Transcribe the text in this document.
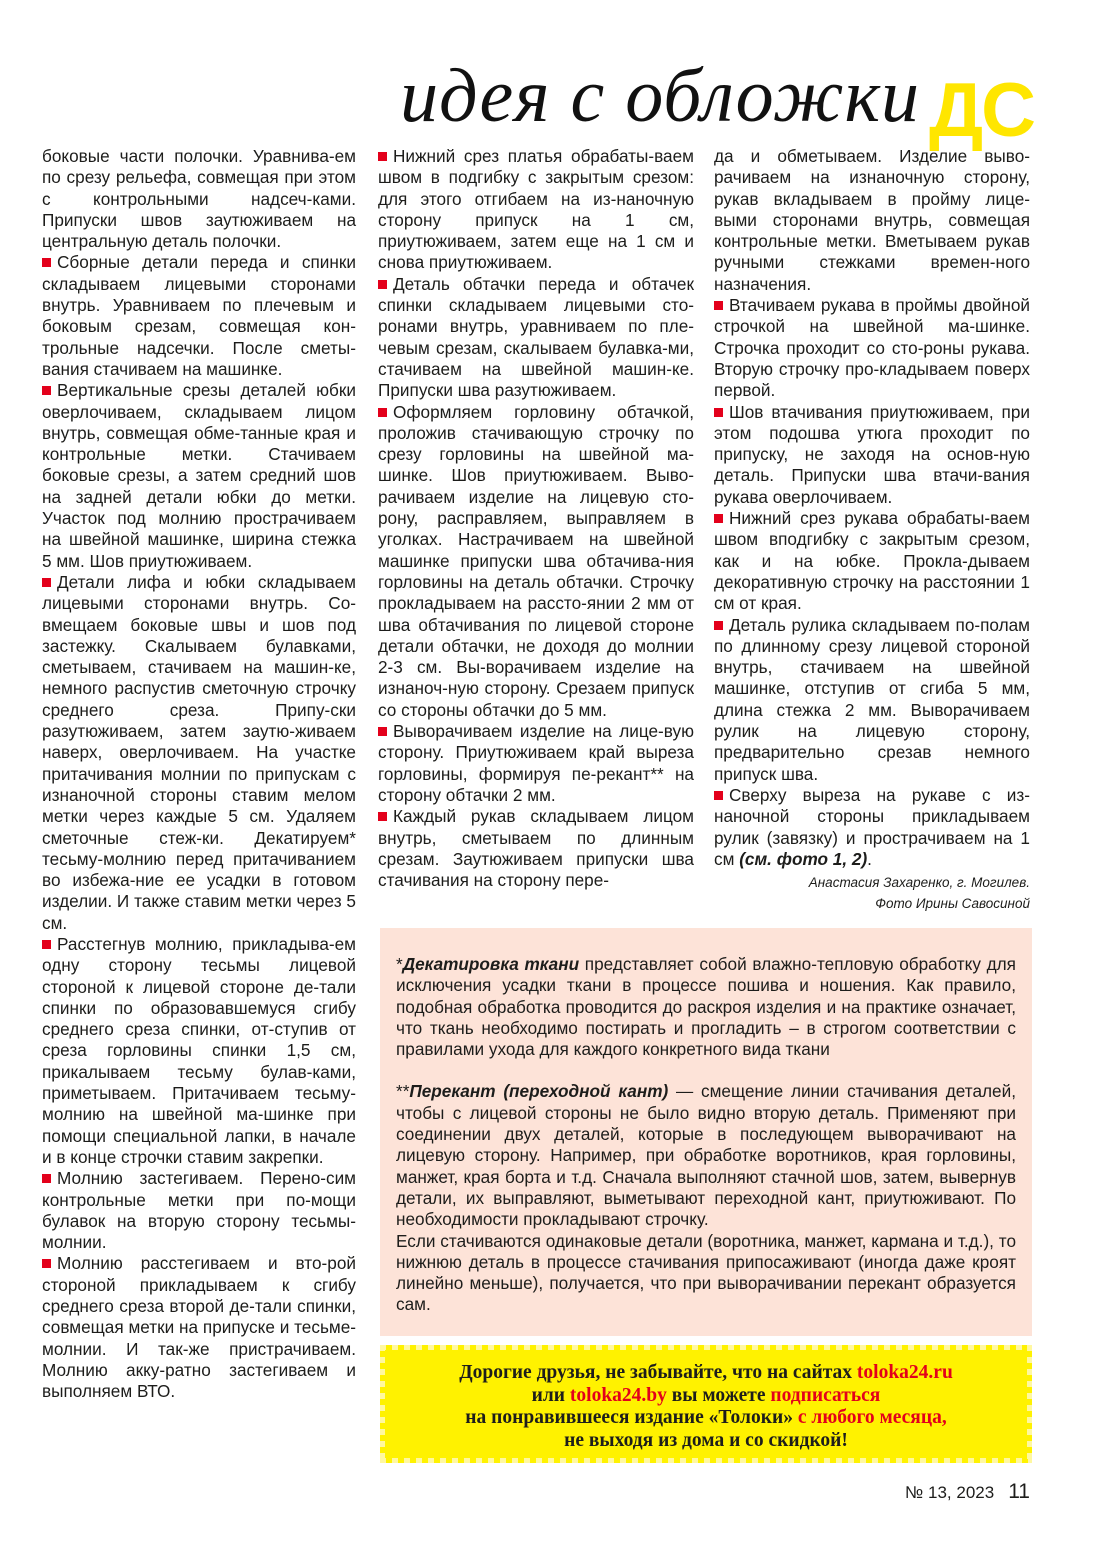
идея с обложки ДС

боковые части полочки. Уравнива-ем по срезу рельефа, совмещая при этом с контрольными надсеч-ками. Припуски швов заутюживаем на центральную деталь полочки.

Сборные детали переда и спинки складываем лицевыми сторонами внутрь. Уравниваем по плечевым и боковым срезам, совмещая кон-трольные надсечки. После сметы-вания стачиваем на машинке.

Вертикальные срезы деталей юбки оверлочиваем, складываем лицом внутрь, совмещая обме-танные края и контрольные метки. Стачиваем боковые срезы, а затем средний шов на задней детали юбки до метки. Участок под молнию прострачиваем на швейной машинке, ширина стежка 5 мм. Шов приутюживаем.

Детали лифа и юбки складываем лицевыми сторонами внутрь. Со-вмещаем боковые швы и шов под застежку. Скалываем булавками, сметываем, стачиваем на машин-ке, немного распустив сметочную строчку среднего среза. Припу-ски разутюживаем, затем заутю-живаем наверх, оверлочиваем. На участке притачивания молнии по припускам с изнаночной стороны ставим мелом метки через каждые 5 см. Удаляем сметочные стеж-ки. Декатируем* тесьму-молнию перед притачиванием во избежа-ние ее усадки в готовом изделии. И также ставим метки через 5 см.

Расстегнув молнию, прикладыва-ем одну сторону тесьмы лицевой стороной к лицевой стороне де-тали спинки по образовавшемуся сгибу среднего среза спинки, от-ступив от среза горловины спинки 1,5 см, прикалываем тесьму булав-ками, приметываем. Притачиваем тесьму-молнию на швейной ма-шинке при помощи специальной лапки, в начале и в конце строчки ставим закрепки.

Молнию застегиваем. Перено-сим контрольные метки при по-мощи булавок на вторую сторону тесьмы-молнии.

Молнию расстегиваем и вто-рой стороной прикладываем к сгибу среднего среза второй де-тали спинки, совмещая метки на припуске и тесьме-молнии. И так-же пристрачиваем. Молнию акку-ратно застегиваем и выполняем ВТО.

Нижний срез платья обрабаты-ваем швом в подгибку с закрытым срезом: для этого отгибаем на из-наночную сторону припуск на 1 см, приутюживаем, затем еще на 1 см и снова приутюживаем.

Деталь обтачки переда и обтачек спинки складываем лицевыми сто-ронами внутрь, уравниваем по пле-чевым срезам, скалываем булавка-ми, стачиваем на швейной машин-ке. Припуски шва разутюживаем.

Оформляем горловину обтачкой, проложив стачивающую строчку по срезу горловины на швейной ма-шинке. Шов приутюживаем. Выво-рачиваем изделие на лицевую сто-рону, расправляем, выправляем в уголках. Настрачиваем на швейной машинке припуски шва обтачива-ния горловины на деталь обтачки. Строчку прокладываем на рассто-янии 2 мм от шва обтачивания по лицевой стороне детали обтачки, не доходя до молнии 2-3 см. Вы-ворачиваем изделие на изнаноч-ную сторону. Срезаем припуск со стороны обтачки до 5 мм.

Выворачиваем изделие на лице-вую сторону. Приутюживаем край выреза горловины, формируя пе-рекант** на сторону обтачки 2 мм.

Каждый рукав складываем лицом внутрь, сметываем по длинным срезам. Заутюживаем припуски шва стачивания на сторону пере-

да и обметываем. Изделие выво-рачиваем на изнаночную сторону, рукав вкладываем в пройму лице-выми сторонами внутрь, совмещая контрольные метки. Вметываем рукав ручными стежками времен-ного назначения.

Втачиваем рукава в проймы двойной строчкой на швейной ма-шинке. Строчка проходит со сто-роны рукава. Вторую строчку про-кладываем поверх первой.

Шов втачивания приутюживаем, при этом подошва утюга проходит по припуску, не заходя на основ-ную деталь. Припуски шва втачи-вания рукава оверлочиваем.

Нижний срез рукава обрабаты-ваем швом вподгибку с закрытым срезом, как и на юбке. Прокла-дываем декоративную строчку на расстоянии 1 см от края.

Деталь рулика складываем по-полам по длинному срезу лицевой стороной внутрь, стачиваем на швейной машинке, отступив от сгиба 5 мм, длина стежка 2 мм. Выворачиваем рулик на лицевую сторону, предварительно срезав немного припуск шва.

Сверху выреза на рукаве с из-наночной стороны прикладываем рулик (завязку) и прострачиваем на 1 см (см. фото 1, 2).

Анастасия Захаренко, г. Могилев.
Фото Ирины Савосиной

*Декатировка ткани представляет собой влажно-тепловую обработку для исключения усадки ткани в процессе пошива и ношения. Как правило, подобная обработка проводится до раскроя изделия и на практике означает, что ткань необходимо постирать и прогладить – в строгом соответствии с правилами ухода для каждого конкретного вида ткани

**Перекант (переходной кант) — смещение линии стачивания деталей, чтобы с лицевой стороны не было видно вторую деталь. Применяют при соединении двух деталей, которые в последующем выворачивают на лицевую сторону. Например, при обработке воротников, края горловины, манжет, края борта и т.д. Сначала выполняют стачной шов, затем, вывернув детали, их выправляют, выметывают переходной кант, приутюживают. По необходимости прокладывают строчку.

Если стачиваются одинаковые детали (воротника, манжет, кармана и т.д.), то нижнюю деталь в процессе стачивания припосаживают (иногда даже кроят линейно меньше), получается, что при выворачивании перекант образуется сам.

Дорогие друзья, не забывайте, что на сайтах toloka24.ru
или toloka24.by вы можете подписаться
на понравившееся издание «Толоки» с любого месяца,
не выходя из дома и со скидкой!
№ 13, 2023 11
